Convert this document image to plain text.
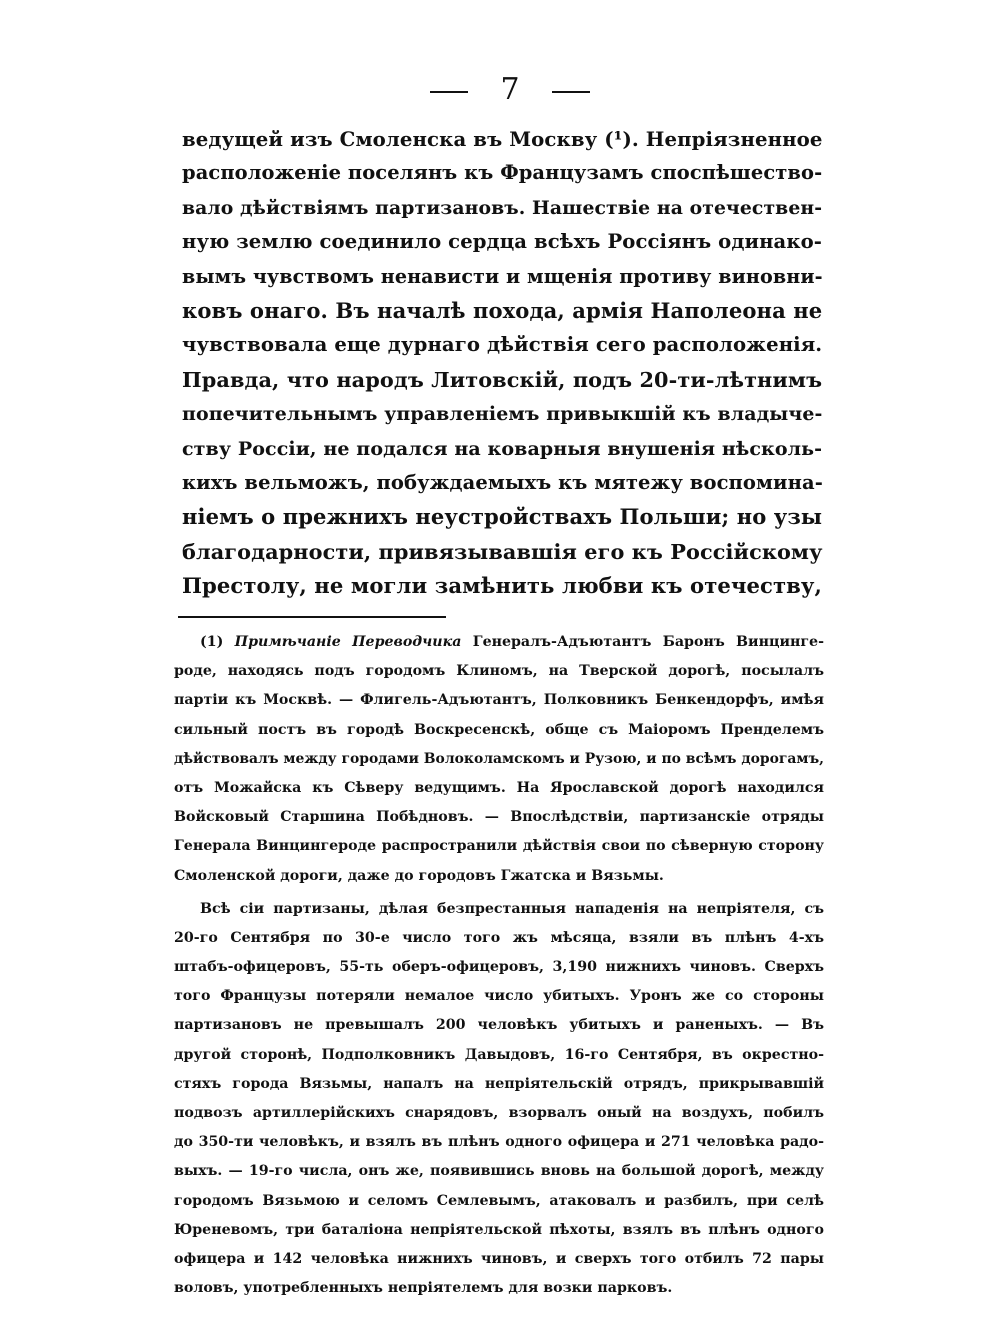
7
ведущей изъ Смоленска въ Москву (¹). Непріязненное
расположеніе поселянъ къ Французамъ споспѣшество-
вало дѣйствіямъ партизановъ. Нашествіе на отечествен-
ную землю соединило сердца всѣхъ Россіянъ одинако-
вымъ чувствомъ ненависти и мщенія противу виновни-
ковъ онаго. Въ началѣ похода, армія Наполеона не
чувствовала еще дурнаго дѣйствія сего расположенія.
Правда, что народъ Литовскій, подъ 20-ти-лѣтнимъ
попечительнымъ управленіемъ привыкшій къ владыче-
ству Россіи, не подался на коварныя внушенія нѣсколь-
кихъ вельможъ, побуждаемыхъ къ мятежу воспомина-
ніемъ о прежнихъ неустройствахъ Польши; но узы
благодарности, привязывавшія его къ Россійскому
Престолу, не могли замѣнить любви къ отечеству,
(1) Примѣчаніе Переводчика Генералъ-Адъютантъ Баронъ Винцинге-
роде, находясь подъ городомъ Клиномъ, на Тверской дорогѣ, посылалъ
партіи къ Москвѣ. — Флигель-Адъютантъ, Полковникъ Бенкендорфъ, имѣя
сильный постъ въ городѣ Воскресенскѣ, обще съ Маіоромъ Пренделемъ
дѣйствовалъ между городами Волоколамскомъ и Рузою, и по всѣмъ дорогамъ,
отъ Можайска къ Сѣверу ведущимъ. На Ярославской дорогѣ находился
Войсковый Старшина Побѣдновъ. — Впослѣдствіи, партизанскіе отряды
Генерала Винцингероде распространили дѣйствія свои по сѣверную сторону
Смоленской дороги, даже до городовъ Гжатска и Вязьмы.
Всѣ сіи партизаны, дѣлая безпрестанныя нападенія на непріятеля, съ
20-го Сентября по 30-е число того жъ мѣсяца, взяли въ плѣнъ 4-хъ
штабъ-офицеровъ, 55-ть оберъ-офицеровъ, 3,190 нижнихъ чиновъ. Сверхъ
того Французы потеряли немалое число убитыхъ. Уронъ же со стороны
партизановъ не превышалъ 200 человѣкъ убитыхъ и раненыхъ. — Въ
другой сторонѣ, Подполковникъ Давыдовъ, 16-го Сентября, въ окрестно-
стяхъ города Вязьмы, напалъ на непріятельскій отрядъ, прикрывавшій
подвозъ артиллерійскихъ снарядовъ, взорвалъ оный на воздухъ, побилъ
до 350-ти человѣкъ, и взялъ въ плѣнъ одного офицера и 271 человѣка радо-
выхъ. — 19-го числа, онъ же, появившись вновь на большой дорогѣ, между
городомъ Вязьмою и селомъ Семлевымъ, атаковалъ и разбилъ, при селѣ
Юреневомъ, три баталіона непріятельской пѣхоты, взялъ въ плѣнъ одного
офицера и 142 человѣка нижнихъ чиновъ, и сверхъ того отбилъ 72 пары
воловъ, употребленныхъ непріятелемъ для возки парковъ.
